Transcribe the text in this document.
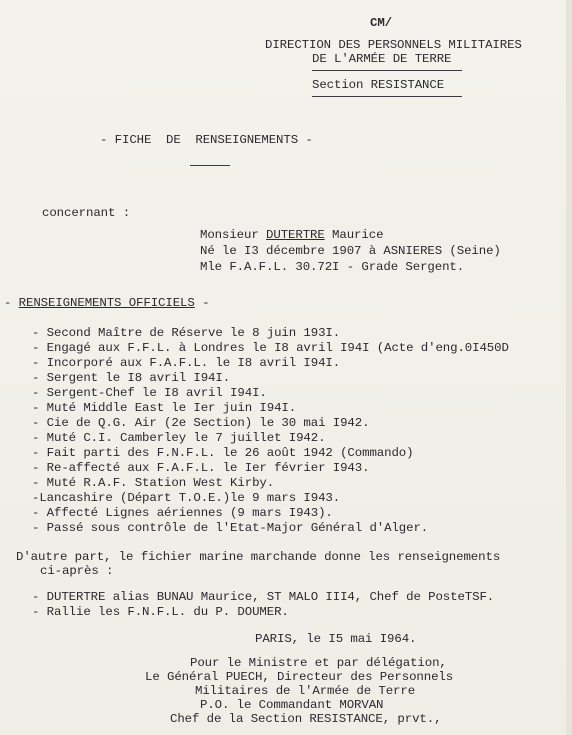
CM/
DIRECTION DES PERSONNELS MILITAIRES
DE L'ARMÉE DE TERRE
Section RESISTANCE
- FICHE  DE  RENSEIGNEMENTS -
concernant :
Monsieur DUTERTRE Maurice
Né le I3 décembre 1907 à ASNIERES (Seine)
Mle F.A.F.L. 30.72I - Grade Sergent.
- RENSEIGNEMENTS OFFICIELS -
- Second Maître de Réserve le 8 juin 193I.
- Engagé aux F.F.L. à Londres le I8 avril I94I (Acte d'eng.0I450D
- Incorporé aux F.A.F.L. le I8 avril I94I.
- Sergent le I8 avril I94I.
- Sergent-Chef le I8 avril I94I.
- Muté Middle East le Ier juin I94I.
- Cie de Q.G. Air (2e Section) le 30 mai I942.
- Muté C.I. Camberley le 7 juillet I942.
- Fait parti des F.N.F.L. le 26 août 1942 (Commando)
- Re-affecté aux F.A.F.L. le Ier février I943.
- Muté R.A.F. Station West Kirby.
-Lancashire (Départ T.O.E.)le 9 mars I943.
- Affecté Lignes aériennes (9 mars I943).
- Passé sous contrôle de l'Etat-Major Général d'Alger.
D'autre part, le fichier marine marchande donne les renseignements
ci-après :
- DUTERTRE alias BUNAU Maurice, ST MALO III4, Chef de PosteTSF.
- Rallie les F.N.F.L. du P. DOUMER.
PARIS, le I5 mai I964.
Pour le Ministre et par délégation,
Le Général PUECH, Directeur des Personnels
Militaires de l'Armée de Terre
P.O. le Commandant MORVAN
Chef de la Section RESISTANCE, prvt.,
